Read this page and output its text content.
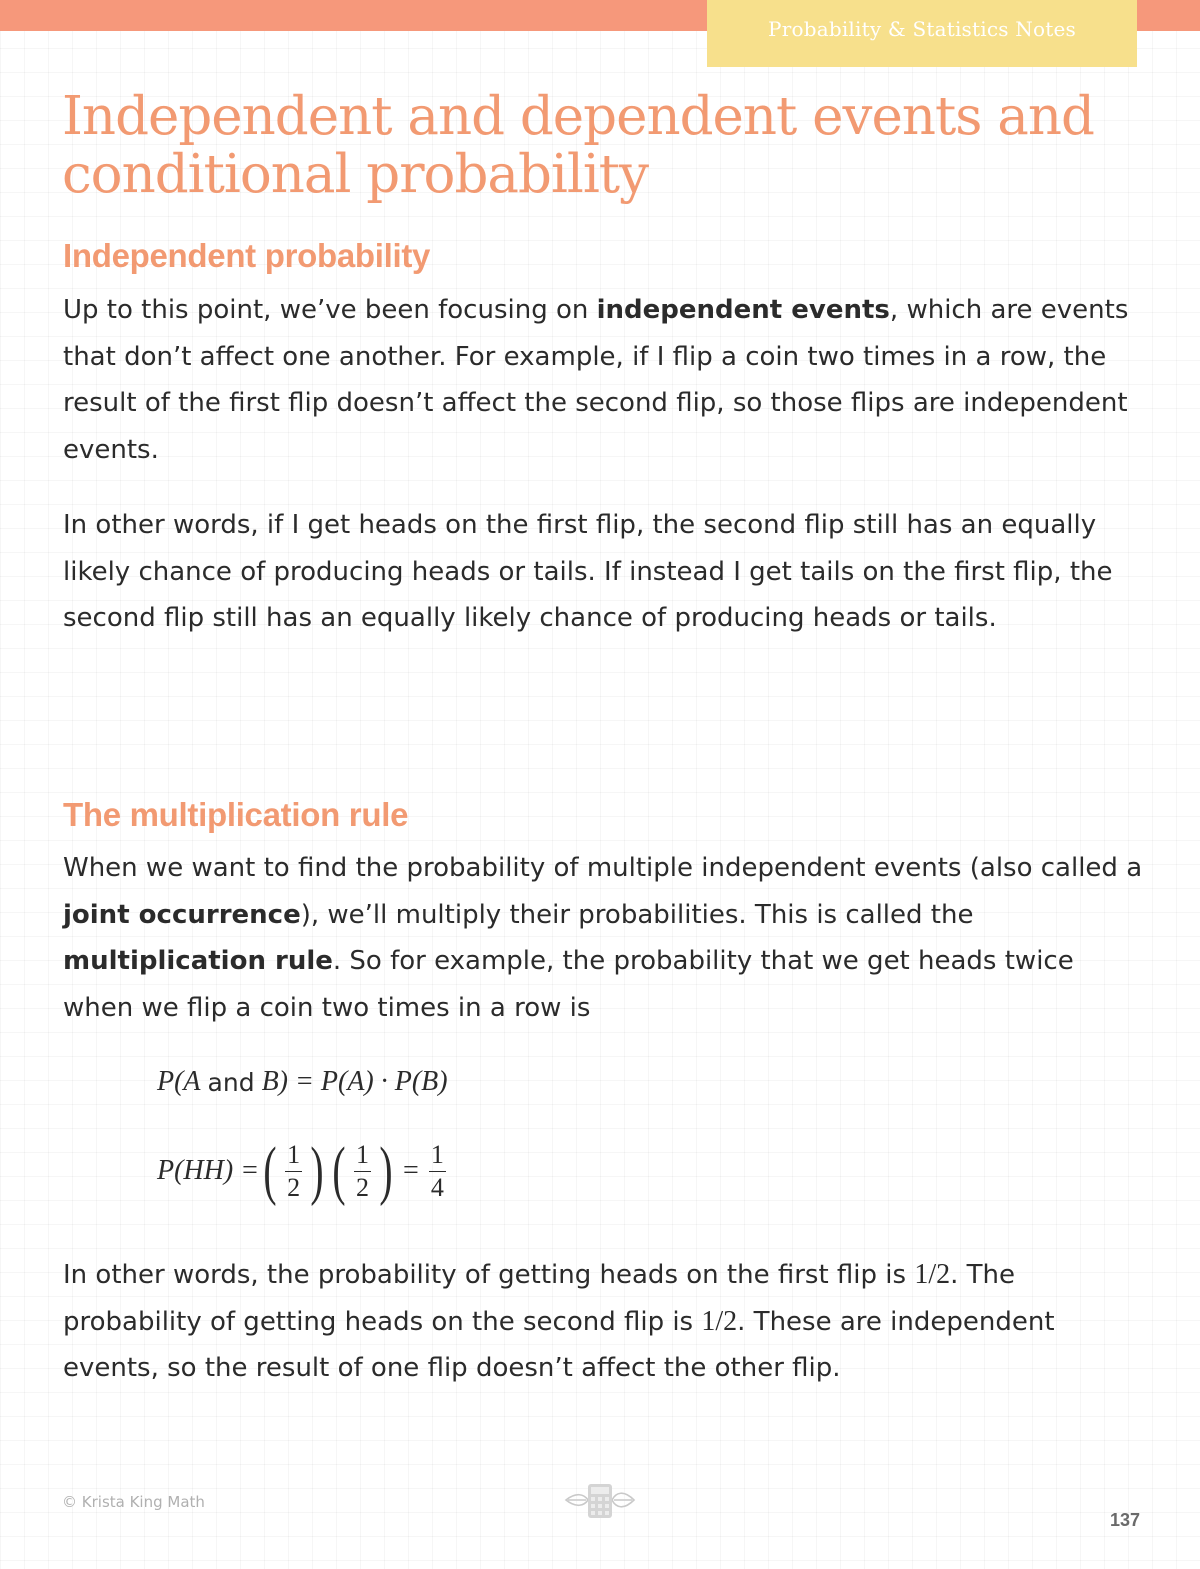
Probability & Statistics Notes
Independent and dependent events and
conditional probability
Independent probability

Up to this point, we’ve been focusing on independent events, which are events that don’t affect one another. For example, if I flip a coin two times in a row, the result of the first flip doesn’t affect the second flip, so those flips are independent events.

In other words, if I get heads on the first flip, the second flip still has an equally likely chance of producing heads or tails. If instead I get tails on the first flip, the second flip still has an equally likely chance of producing heads or tails.

The multiplication rule

When we want to find the probability of multiple independent events (also called a joint occurrence), we’ll multiply their probabilities. This is called the multiplication rule. So for example, the probability that we get heads twice when we flip a coin two times in a row is

P(A
and
B) = P(A) · P(B)
P(HH) = ( $\frac{1}{2}$ ) ( $\frac{1}{2}$ ) = $\frac{1}{4}$

In other words, the probability of getting heads on the first flip is 1/2. The probability of getting heads on the second flip is 1/2. These are independent events, so the result of one flip doesn’t affect the other flip.

© Krista King Math
137
